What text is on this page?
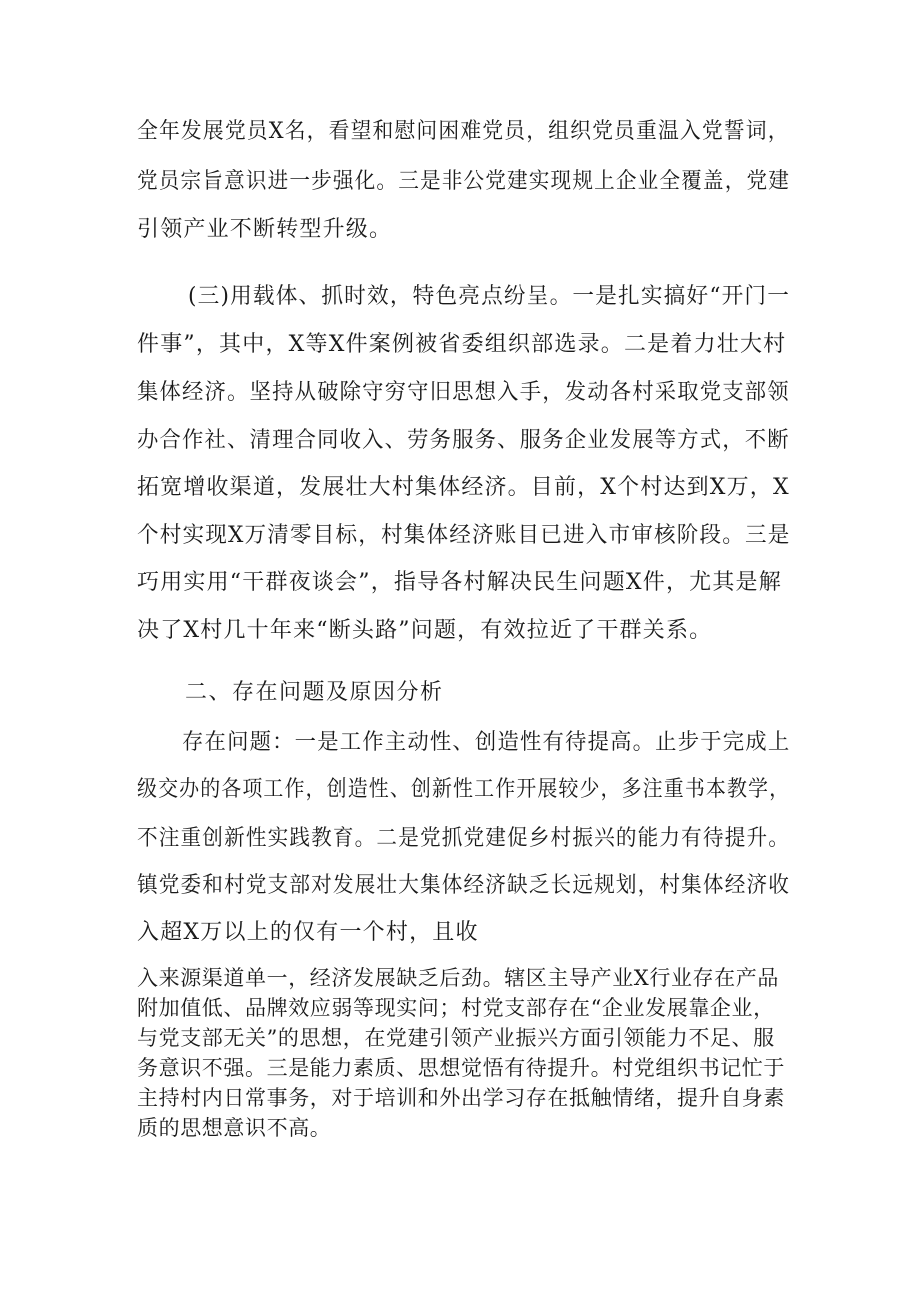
全年发展党员X名，看望和慰问困难党员，组织党员重温入党誓词，
党员宗旨意识进一步强化。三是非公党建实现规上企业全覆盖，党建
引领产业不断转型升级。
(三)用载体、抓时效，特色亮点纷呈。一是扎实搞好“开门一
件事”，其中，X等X件案例被省委组织部选录。二是着力壮大村
集体经济。坚持从破除守穷守旧思想入手，发动各村采取党支部领
办合作社、清理合同收入、劳务服务、服务企业发展等方式，不断
拓宽增收渠道，发展壮大村集体经济。目前，X个村达到X万，X
个村实现X万清零目标，村集体经济账目已进入市审核阶段。三是
巧用实用“干群夜谈会”，指导各村解决民生问题X件，尤其是解
决了X村几十年来“断头路”问题，有效拉近了干群关系。
二、存在问题及原因分析
存在问题：一是工作主动性、创造性有待提高。止步于完成上
级交办的各项工作，创造性、创新性工作开展较少，多注重书本教学，
不注重创新性实践教育。二是党抓党建促乡村振兴的能力有待提升。
镇党委和村党支部对发展壮大集体经济缺乏长远规划，村集体经济收
入超X万以上的仅有一个村，且收
入来源渠道单一，经济发展缺乏后劲。辖区主导产业X行业存在产品
附加值低、品牌效应弱等现实问；村党支部存在“企业发展靠企业，
与党支部无关”的思想，在党建引领产业振兴方面引领能力不足、服
务意识不强。三是能力素质、思想觉悟有待提升。村党组织书记忙于
主持村内日常事务，对于培训和外出学习存在抵触情绪，提升自身素
质的思想意识不高。
